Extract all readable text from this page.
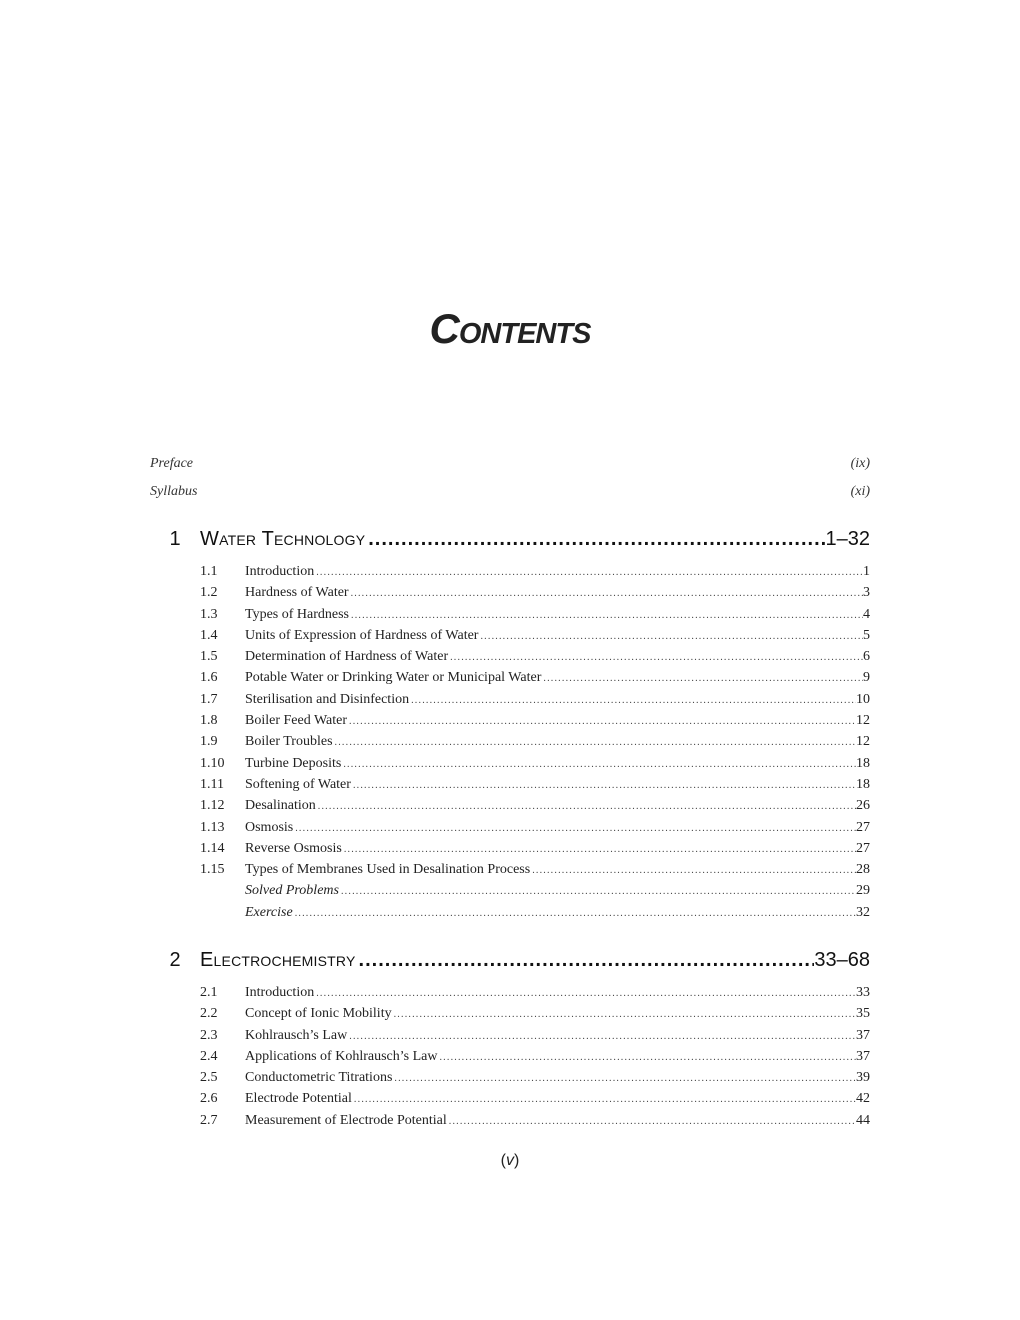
Contents
Preface	(ix)
Syllabus	(xi)
1 Water Technology .....	1–32
1.1	Introduction .....	1
1.2	Hardness of Water .....	3
1.3	Types of Hardness .....	4
1.4	Units of Expression of Hardness of Water .....	5
1.5	Determination of Hardness of Water .....	6
1.6	Potable Water or Drinking Water or Municipal Water .....	9
1.7	Sterilisation and Disinfection .....	10
1.8	Boiler Feed Water .....	12
1.9	Boiler Troubles .....	12
1.10	Turbine Deposits .....	18
1.11	Softening of Water .....	18
1.12	Desalination .....	26
1.13	Osmosis .....	27
1.14	Reverse Osmosis .....	27
1.15	Types of Membranes Used in Desalination Process .....	28
Solved Problems .....	29
Exercise .....	32
2 Electrochemistry .....	33–68
2.1	Introduction .....	33
2.2	Concept of Ionic Mobility .....	35
2.3	Kohlrausch’s Law .....	37
2.4	Applications of Kohlrausch’s Law .....	37
2.5	Conductometric Titrations .....	39
2.6	Electrode Potential .....	42
2.7	Measurement of Electrode Potential .....	44
(v)
